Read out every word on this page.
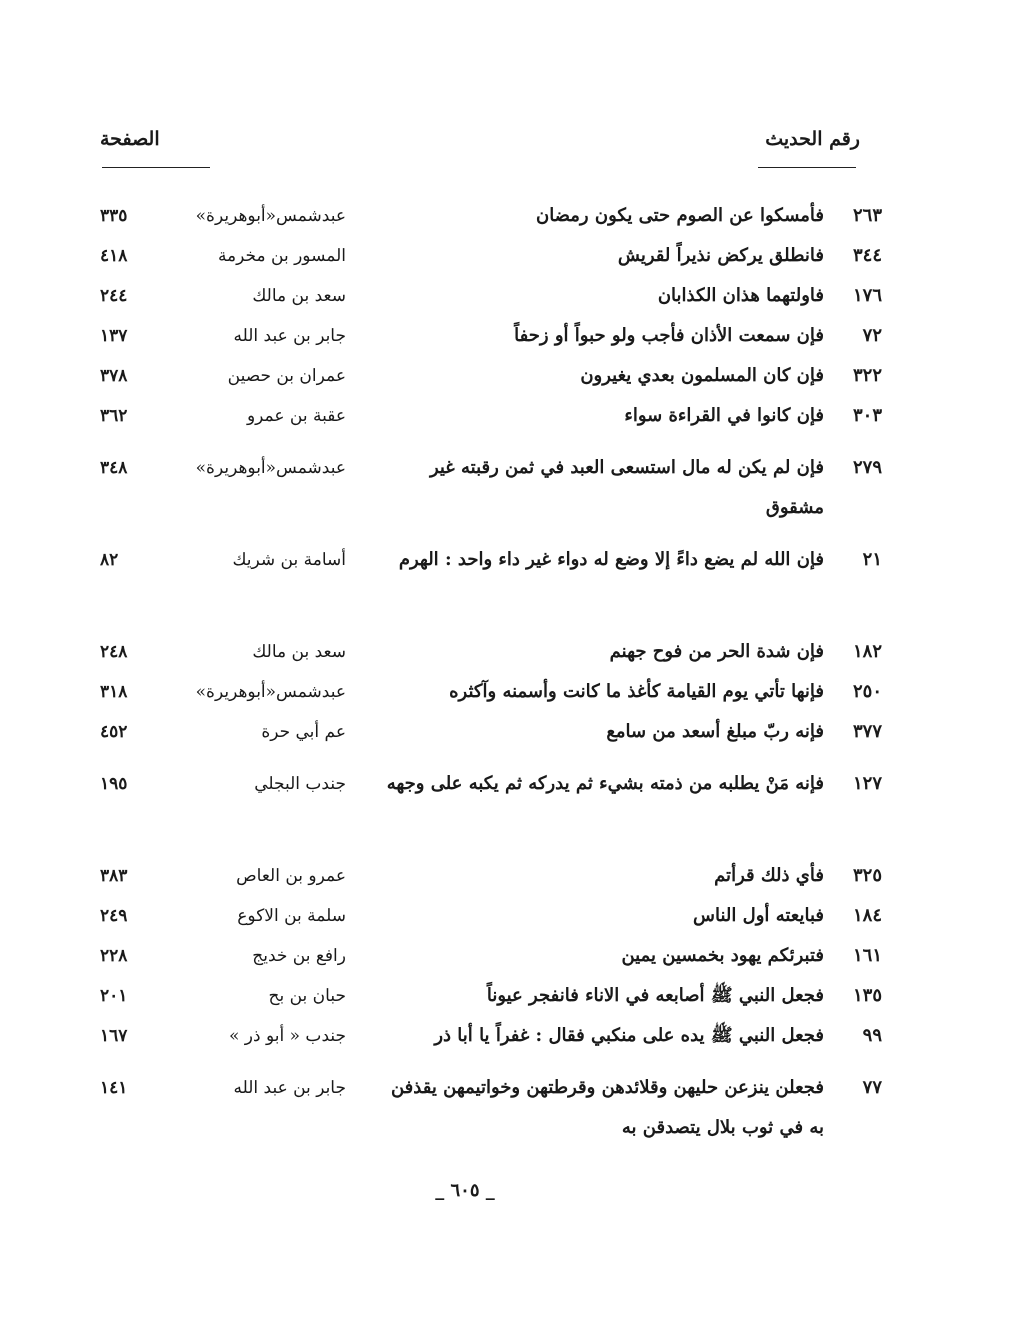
رقم الحديث
الصفحة
٢٦٣
فأمسكوا عن الصوم حتى يكون رمضان
عبدشمس«أبوهريرة»
٣٣٥
٣٤٤
فانطلق يركض نذيراً لقريش
المسور بن مخرمة
٤١٨
١٧٦
فاولتهما هذان الكذابان
سعد بن مالك
٢٤٤
٧٢
فإن سمعت الأذان فأجب ولو حبواً أو زحفاً
جابر بن عبد الله
١٣٧
٣٢٢
فإن كان المسلمون بعدي يغيرون
عمران بن حصين
٣٧٨
٣٠٣
فإن كانوا في القراءة سواء
عقبة بن عمرو
٣٦٢
٢٧٩
فإن لم يكن له مال استسعى العبد في ثمن رقبته غير مشقوق
عبدشمس«أبوهريرة»
٣٤٨
٢١
فإن الله لم يضع داءً إلا وضع له دواء غير داء واحد : الهرم
أسامة بن شريك
٨٢
١٨٢
فإن شدة الحر من فوح جهنم
سعد بن مالك
٢٤٨
٢٥٠
فإنها تأتي يوم القيامة كأغذ ما كانت وأسمنه وآكثره
عبدشمس«أبوهريرة»
٣١٨
٣٧٧
فإنه ربّ مبلغ أسعد من سامع
عم أبي حرة
٤٥٢
١٢٧
فإنه مَنْ يطلبه من ذمته بشيء ثم يدركه ثم يكبه على وجهه
جندب البجلي
١٩٥
٣٢٥
فأي ذلك قرأتم
عمرو بن العاص
٣٨٣
١٨٤
فبايعته أول الناس
سلمة بن الاكوع
٢٤٩
١٦١
فتبرئكم يهود بخمسين يمين
رافع بن خديج
٢٢٨
١٣٥
فجعل النبي ﷺ أصابعه في الاناء فانفجر عيوناً
حبان بن بح
٢٠١
٩٩
فجعل النبي ﷺ يده على منكبي فقال : غفراً يا أبا ذر
جندب « أبو ذر »
١٦٧
٧٧
فجعلن ينزعن حليهن وقلائدهن وقرطتهن وخواتيمهن يقذفن به في ثوب بلال يتصدقن به
جابر بن عبد الله
١٤١
_ ٦٠٥ _
